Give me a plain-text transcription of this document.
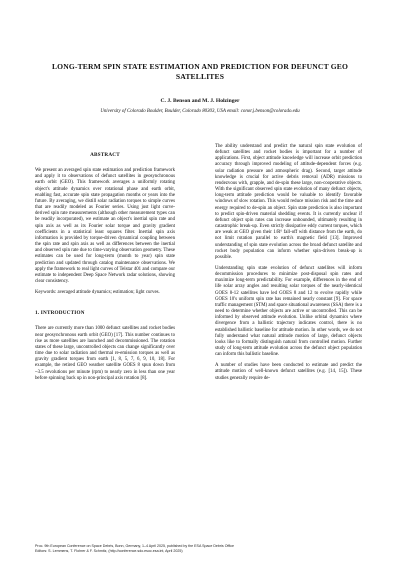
LONG-TERM SPIN STATE ESTIMATION AND PREDICTION FOR DEFUNCT GEO SATELLITES
C. J. Benson and M. J. Holzinger
University of Colorado Boulder, Boulder, Colorado 80303, USA email: conor.j.benson@colorado.edu
ABSTRACT

We present an averaged spin state estimation and prediction framework and apply it to observations of defunct satellites in geosynchronous earth orbit (GEO). This framework averages a uniformly rotating object's attitude dynamics over rotational phase and earth orbit, enabling fast, accurate spin state propagation months or years into the future. By averaging, we distill solar radiation torques to simple curves that are readily modeled as Fourier series. Using just light curve-derived spin rate measurements (although other measurement types can be readily incorporated), we estimate an object's inertial spin rate and spin axis as well as its Fourier solar torque and gravity gradient coefficients in a statistical least squares filter. Inertial spin axis information is provided by torque-driven dynamical coupling between the spin rate and spin axis as well as differences between the inertial and observed spin rate due to time-varying observation geometry. These estimates can be used for long-term (month to year) spin state prediction and updated through catalog maintenance observations. We apply the framework to real light curves of Telstar 401 and compare our estimate to independent Deep Space Network radar solutions, showing clear consistency.

Keywords: averaged attitude dynamics; estimation; light curves.

1. INTRODUCTION

There are currently more than 1000 defunct satellites and rocket bodies near geosynchronous earth orbit (GEO) [17]. This number continues to rise as more satellites are launched and decommissioned. The rotation states of these large, uncontrolled objects can change significantly over time due to solar radiation and thermal re-emission torques as well as gravity gradient torques from earth [1, 8, 5, 7, 6, 9, 10, 18]. For example, the retired GEO weather satellite GOES 8 spun down from ~3.5 revolutions per minute (rpm) to nearly zero in less than one year before spinning back up in non-principal axis rotation [8].

The ability understand and predict the natural spin state evolution of defunct satellites and rocket bodies is important for a number of applications. First, object attitude knowledge will increase orbit prediction accuracy through improved modeling of attitude-dependent forces (e.g. solar radiation pressure and atmospheric drag). Second, target attitude knowledge is crucial for active debris removal (ADR) missions to rendezvous with, grapple, and de-spin these large, non-cooperative objects. With the significant observed spin state evolution of many defunct objects, long-term attitude prediction would be valuable to identify favorable windows of slow rotation. This would reduce mission risk and the time and energy required to de-spin an object. Spin state prediction is also important to predict spin-driven material shedding events. It is currently unclear if defunct object spin rates can increase unbounded, ultimately resulting in catastrophic break-up. Even strictly dissipative eddy current torques, which are weak at GEO given their 1/R⁶ fall-off with distance from the earth, do not limit rotation parallel to earth's magnetic field [13]. Improved understanding of spin state evolution across the broad defunct satellite and rocket body population can inform whether spin-driven break-up is possible.

Understanding spin state evolution of defunct satellites will inform decommission procedures to minimize post-disposal spin rates and maximize long-term predictability. For example, differences in the end of life solar array angles and resulting solar torques of the nearly-identical GOES 8-12 satellites have led GOES 8 and 12 to evolve rapidly while GOES 10's uniform spin rate has remained nearly constant [9]. For space traffic management (STM) and space situational awareness (SSA) there is a need to determine whether objects are active or uncontrolled. This can be informed by observed attitude evolution. Unlike orbital dynamics where divergence from a ballistic trajectory indicates control, there is no established ballistic baseline for attitude motion. In other words, we do not fully understand what natural attitude motion of large, defunct objects looks like to formally distinguish natural from controlled motion. Further study of long-term attitude evolution across the defunct object population can inform this ballistic baseline.

A number of studies have been conducted to estimate and predict the attitude motion of well-known defunct satellites (e.g. [14, 15]). These studies generally require de-

Proc. 9th European Conference on Space Debris, Bonn, Germany, 1–4 April 2025, published by the ESA Space Debris Office
Editors: S. Lemmens, T. Flohrer & F. Schmitz, (http://conference.sdo.esoc.esa.int, April 2025)
